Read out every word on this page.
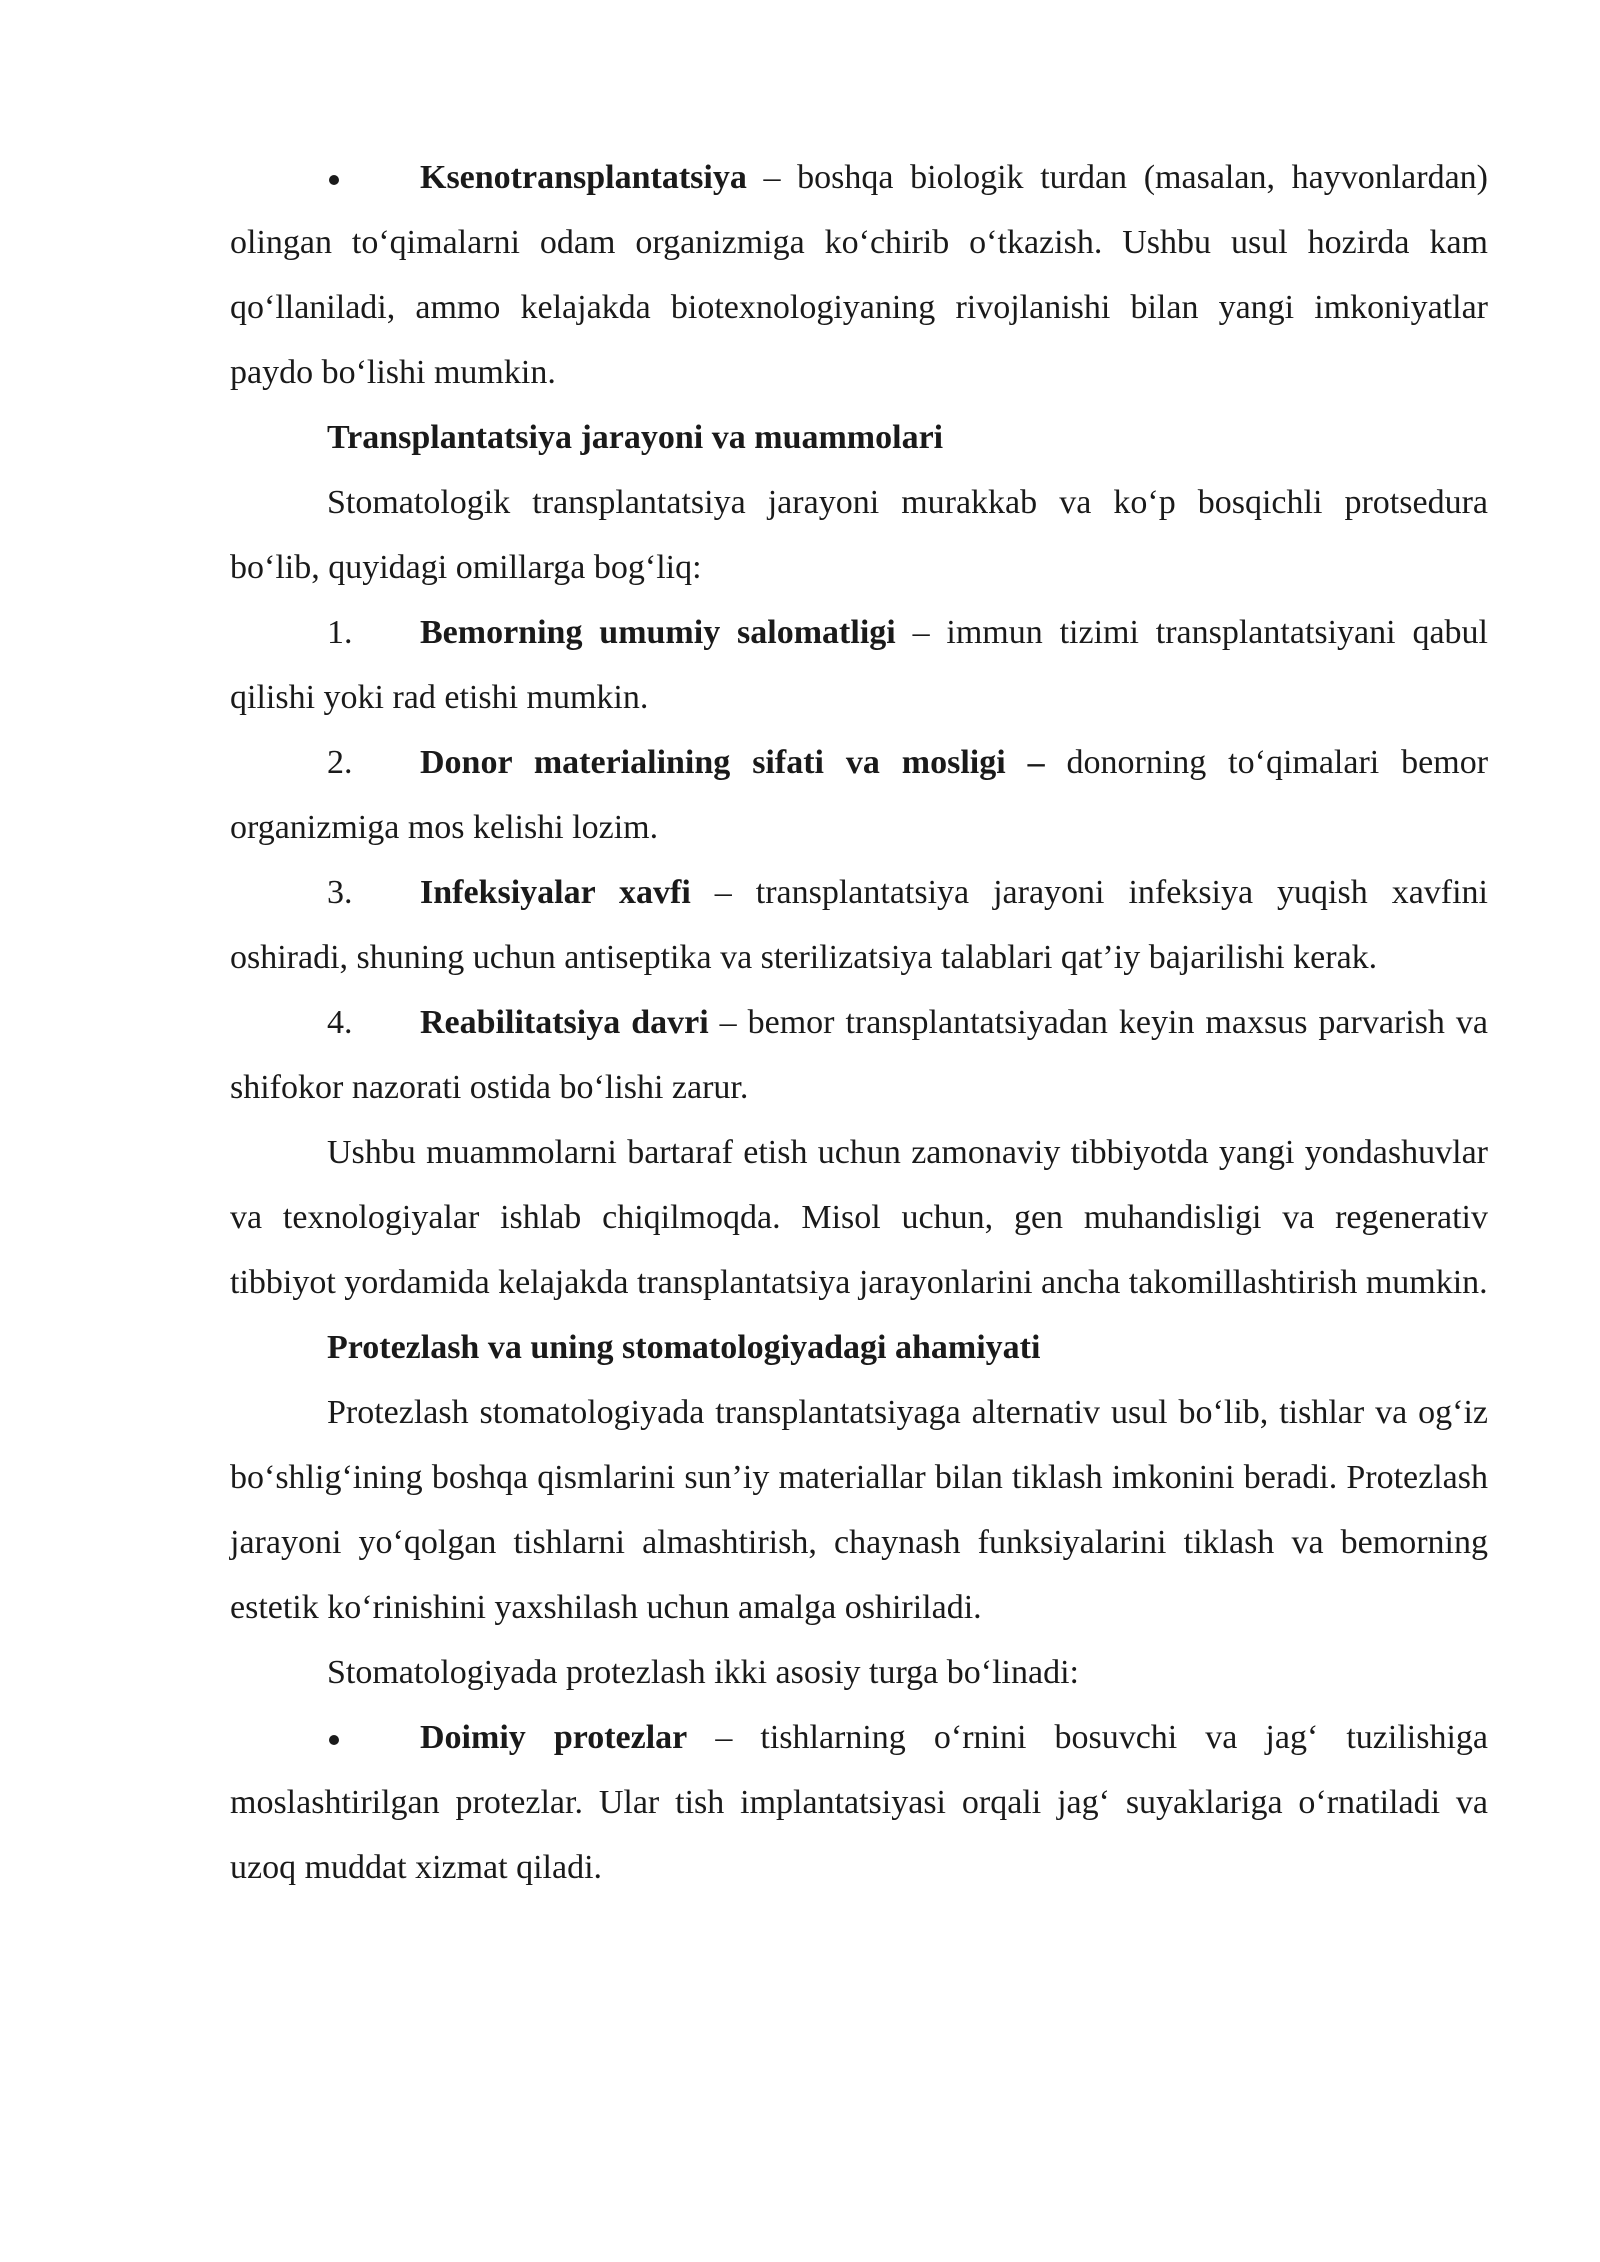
Ksenotransplantatsiya – boshqa biologik turdan (masalan, hayvonlardan) olingan to‘qimalarni odam organizmiga ko‘chirib o‘tkazish. Ushbu usul hozirda kam qo‘llaniladi, ammo kelajakda biotexnologiyaning rivojlanishi bilan yangi imkoniyatlar paydo bo‘lishi mumkin.

Transplantatsiya jarayoni va muammolari

Stomatologik transplantatsiya jarayoni murakkab va ko‘p bosqichli protsedura bo‘lib, quyidagi omillarga bog‘liq:

1. Bemorning umumiy salomatligi – immun tizimi transplantatsiyani qabul qilishi yoki rad etishi mumkin.

2. Donor materialining sifati va mosligi – donorning to‘qimalari bemor organizmiga mos kelishi lozim.

3. Infeksiyalar xavfi – transplantatsiya jarayoni infeksiya yuqish xavfini oshiradi, shuning uchun antiseptika va sterilizatsiya talablari qat’iy bajarilishi kerak.

4. Reabilitatsiya davri – bemor transplantatsiyadan keyin maxsus parvarish va shifokor nazorati ostida bo‘lishi zarur.

Ushbu muammolarni bartaraf etish uchun zamonaviy tibbiyotda yangi yondashuvlar va texnologiyalar ishlab chiqilmoqda. Misol uchun, gen muhandisligi va regenerativ tibbiyot yordamida kelajakda transplantatsiya jarayonlarini ancha takomillashtirish mumkin.

Protezlash va uning stomatologiyadagi ahamiyati

Protezlash stomatologiyada transplantatsiyaga alternativ usul bo‘lib, tishlar va og‘iz bo‘shlig‘ining boshqa qismlarini sun’iy materiallar bilan tiklash imkonini beradi. Protezlash jarayoni yo‘qolgan tishlarni almashtirish, chaynash funksiyalarini tiklash va bemorning estetik ko‘rinishini yaxshilash uchun amalga oshiriladi.

Stomatologiyada protezlash ikki asosiy turga bo‘linadi:

Doimiy protezlar – tishlarning o‘rnini bosuvchi va jag‘ tuzilishiga moslashtirilgan protezlar. Ular tish implantatsiyasi orqali jag‘ suyaklariga o‘rnatiladi va uzoq muddat xizmat qiladi.
